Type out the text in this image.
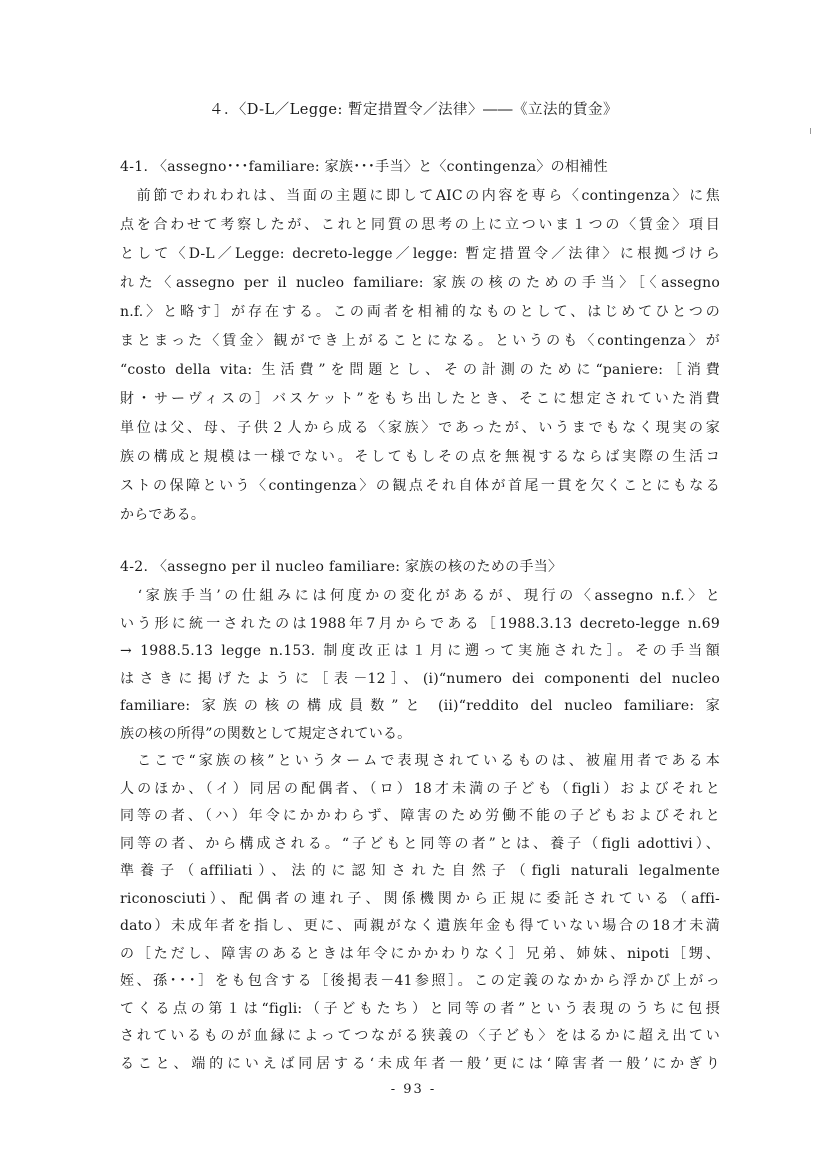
４．〈D-L／Legge: 暫定措置令／法律〉――《立法的賃金》
4-1. 〈assegno･･･familiare: 家族･･･手当〉と〈contingenza〉の相補性
　前節でわれわれは、当面の主題に即してAICの内容を専ら〈contingenza〉に焦
点を合わせて考察したが、これと同質の思考の上に立ついま１つの〈賃金〉項目
として〈D-L／Legge: decreto-legge／legge: 暫定措置令／法律〉に根拠づけら
れた〈assegno per il nucleo familiare: 家族の核のための手当〉［〈assegno
n.f.〉と略す］が存在する。この両者を相補的なものとして、はじめてひとつの
まとまった〈賃金〉観ができ上がることになる。というのも〈contingenza〉が
“costo della vita: 生活費”を問題とし、その計測のために“paniere:［消費
財・サーヴィスの］バスケット”をもち出したとき、そこに想定されていた消費
単位は父、母、子供２人から成る〈家族〉であったが、いうまでもなく現実の家
族の構成と規模は一様でない。そしてもしその点を無視するならば実際の生活コ
ストの保障という〈contingenza〉の観点それ自体が首尾一貫を欠くことにもなる
からである。
4-2. 〈assegno per il nucleo familiare: 家族の核のための手当〉
　‘家族手当’の仕組みには何度かの変化があるが、現行の〈assegno n.f.〉と
いう形に統一されたのは1988年7月からである［1988.3.13 decreto-legge n.69
→ 1988.5.13 legge n.153. 制度改正は１月に遡って実施された］。その手当額
はさきに掲げたように［表－12］、(i)“numero dei componenti del nucleo
familiare: 家族の核の構成員数”と (ii)“reddito del nucleo familiare: 家
族の核の所得”の関数として規定されている。
　ここで“家族の核”というタームで表現されているものは、被雇用者である本
人のほか、（イ）同居の配偶者、（ロ）18才未満の子ども（figli）およびそれと
同等の者、（ハ）年令にかかわらず、障害のため労働不能の子どもおよびそれと
同等の者、から構成される。“子どもと同等の者”とは、養子（figli adottivi）、
準養子（affiliati）、法的に認知された自然子（figli naturali legalmente
riconosciuti）、配偶者の連れ子、関係機関から正規に委託されている（affi-
dato）未成年者を指し、更に、両親がなく遺族年金も得ていない場合の18才未満
の［ただし、障害のあるときは年令にかかわりなく］兄弟、姉妹、nipoti［甥、
姪、孫･･･］をも包含する［後掲表－41参照］。この定義のなかから浮かび上がっ
てくる点の第１は“figli:（子どもたち）と同等の者”という表現のうちに包摂
- 93 -
されているものが血縁によってつながる狭義の〈子ども〉をはるかに超え出てい
ること、端的にいえば同居する‘未成年者一般’更には‘障害者一般’にかぎり
